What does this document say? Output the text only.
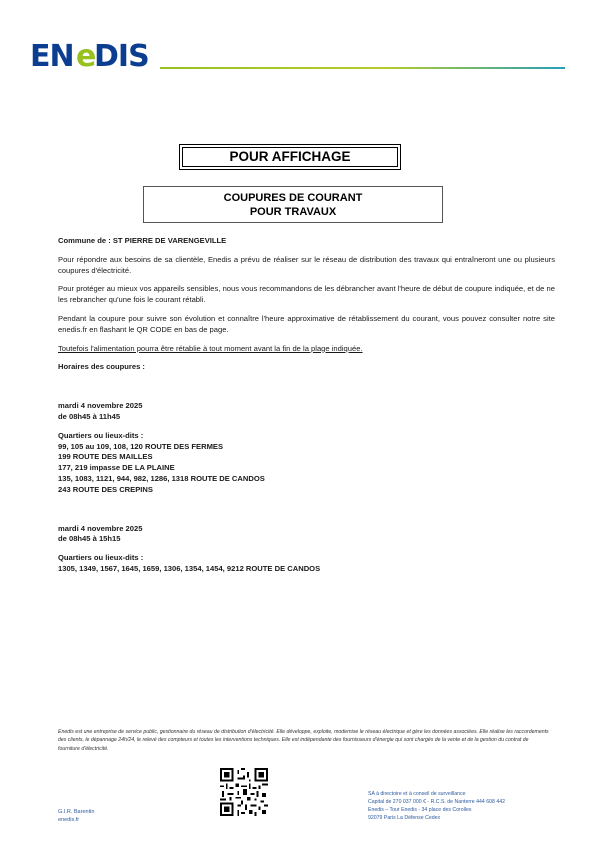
EN e
DIS
POUR AFFICHAGE
COUPURES DE COURANT
POUR TRAVAUX

Commune de : ST PIERRE DE VARENGEVILLE

Pour répondre aux besoins de sa clientèle, Enedis a prévu de réaliser sur le réseau de distribution des travaux qui entraîneront une ou plusieurs coupures d'électricité.

Pour protéger au mieux vos appareils sensibles, nous vous recommandons de les débrancher avant l'heure de début de coupure indiquée, et de ne les rebrancher qu'une fois le courant rétabli.

Pendant la coupure pour suivre son évolution et connaître l'heure approximative de rétablissement du courant, vous pouvez consulter notre site enedis.fr en flashant le QR CODE en bas de page.

Toutefois l'alimentation pourra être rétablie à tout moment avant la fin de la plage indiquée.

Horaires des coupures :

mardi 4 novembre 2025

de 08h45 à 11h45

Quartiers ou lieux-dits :

99, 105 au 109, 108, 120 ROUTE DES FERMES

199 ROUTE DES MAILLES

177, 219 impasse DE LA PLAINE

135, 1083, 1121, 944, 982, 1286, 1318 ROUTE DE CANDOS

243 ROUTE DES CREPINS

mardi 4 novembre 2025

de 08h45 à 15h15

Quartiers ou lieux-dits :

1305, 1349, 1567, 1645, 1659, 1306, 1354, 1454, 9212 ROUTE DE CANDOS

Enedis est une entreprise de service public, gestionnaire du réseau de distribution d'électricité. Elle développe, exploite, modernise le réseau électrique et gère les données associées. Elle réalise les raccordements des clients, le dépannage 24h/24, le relevé des compteurs et toutes les interventions techniques. Elle est indépendante des fournisseurs d'énergie qui sont chargés de la vente et de la gestion du contrat de fourniture d'électricité.
G.I.R. Barentin
enedis.fr
SA à directoire et à conseil de surveillance
Capital de 270 037 000 € - R.C.S. de Nanterre 444 608 442
Enedis – Tour Enedis - 34 place des Corolles
92079 Paris La Défense Cedex
